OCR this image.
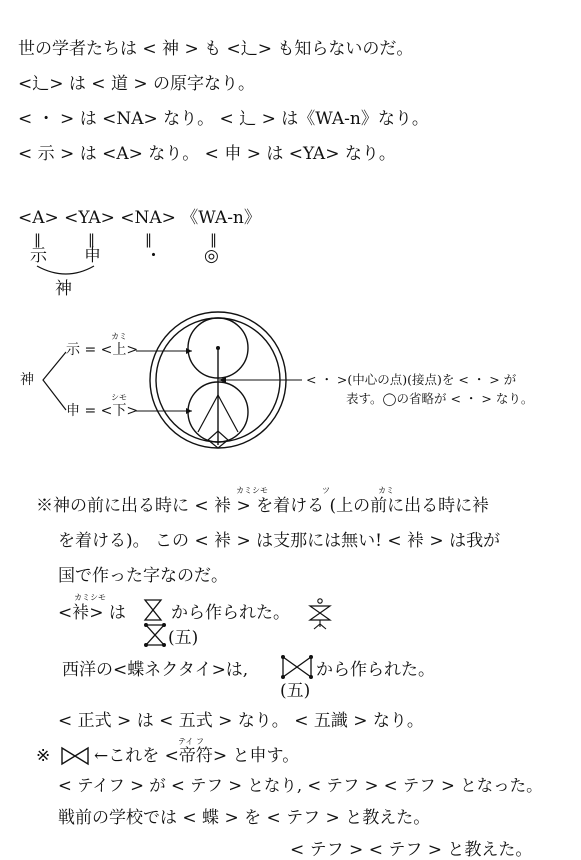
世の学者たちは < 神 > も <辶> も知らないのだ。
<辶> は < 道 > の原字なり。
< ・ > は <NA> なり。 < 辶 > は《WA-n》なり。
< 示 > は <A> なり。 < 申 > は <YA> なり。
<A> <YA> <NA> 《WA-n》
‖	‖	‖	‖
示 申	・ ◎
神
神
カミ
示 = <上>
シモ
申 = <下>
< ・ >(中心の点)(接点)を < ・ > が
表す。◯の省略が < ・ > なり。
カミシモ	ツ	カミ
※神の前に出る時に < 裃 > を着ける (上の前に出る時に裃
を着ける)。 この < 裃 > は支那には無い! < 裃 > は我が
国で作った字なのだ。
カミシモ
<裃> は	から作られた。
(五)
西洋の<蝶ネクタイ>は,	から作られた。
(五)
< 正式 > は < 五式 > なり。 < 五識 > なり。
テイ フ
※	←これを <帝符> と申す。
< テイフ > が < テフ > となり, < テフ > < テフ > となった。
戦前の学校では < 蝶 > を < テフ > と教えた。
< テフ > < テフ > と教えた。
